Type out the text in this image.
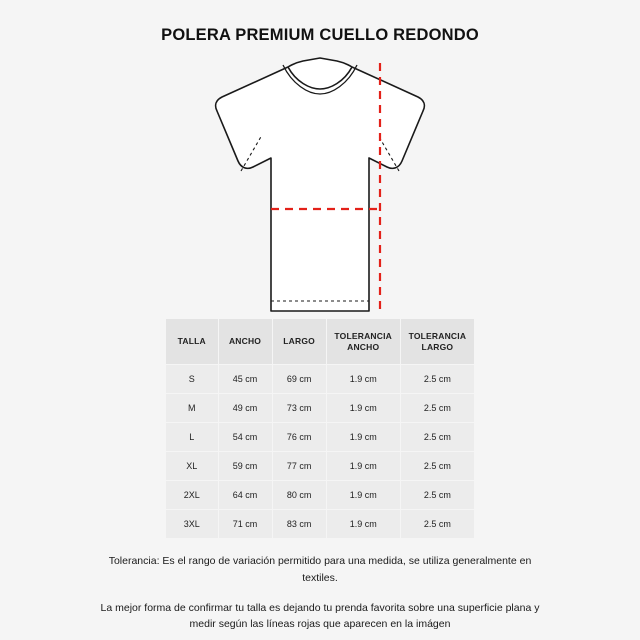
POLERA PREMIUM CUELLO REDONDO
TALLA	ANCHO	LARGO	TOLERANCIA ANCHO	TOLERANCIA LARGO
S	45 cm	69 cm	1.9 cm	2.5 cm
M	49 cm	73 cm	1.9 cm	2.5 cm
L	54 cm	76 cm	1.9 cm	2.5 cm
XL	59 cm	77 cm	1.9 cm	2.5 cm
2XL	64 cm	80 cm	1.9 cm	2.5 cm
3XL	71 cm	83 cm	1.9 cm	2.5 cm

Tolerancia: Es el rango de variación permitido para una medida, se utiliza generalmente en textiles.

La mejor forma de confirmar tu talla es dejando tu prenda favorita sobre una superficie plana y medir según las líneas rojas que aparecen en la imágen
